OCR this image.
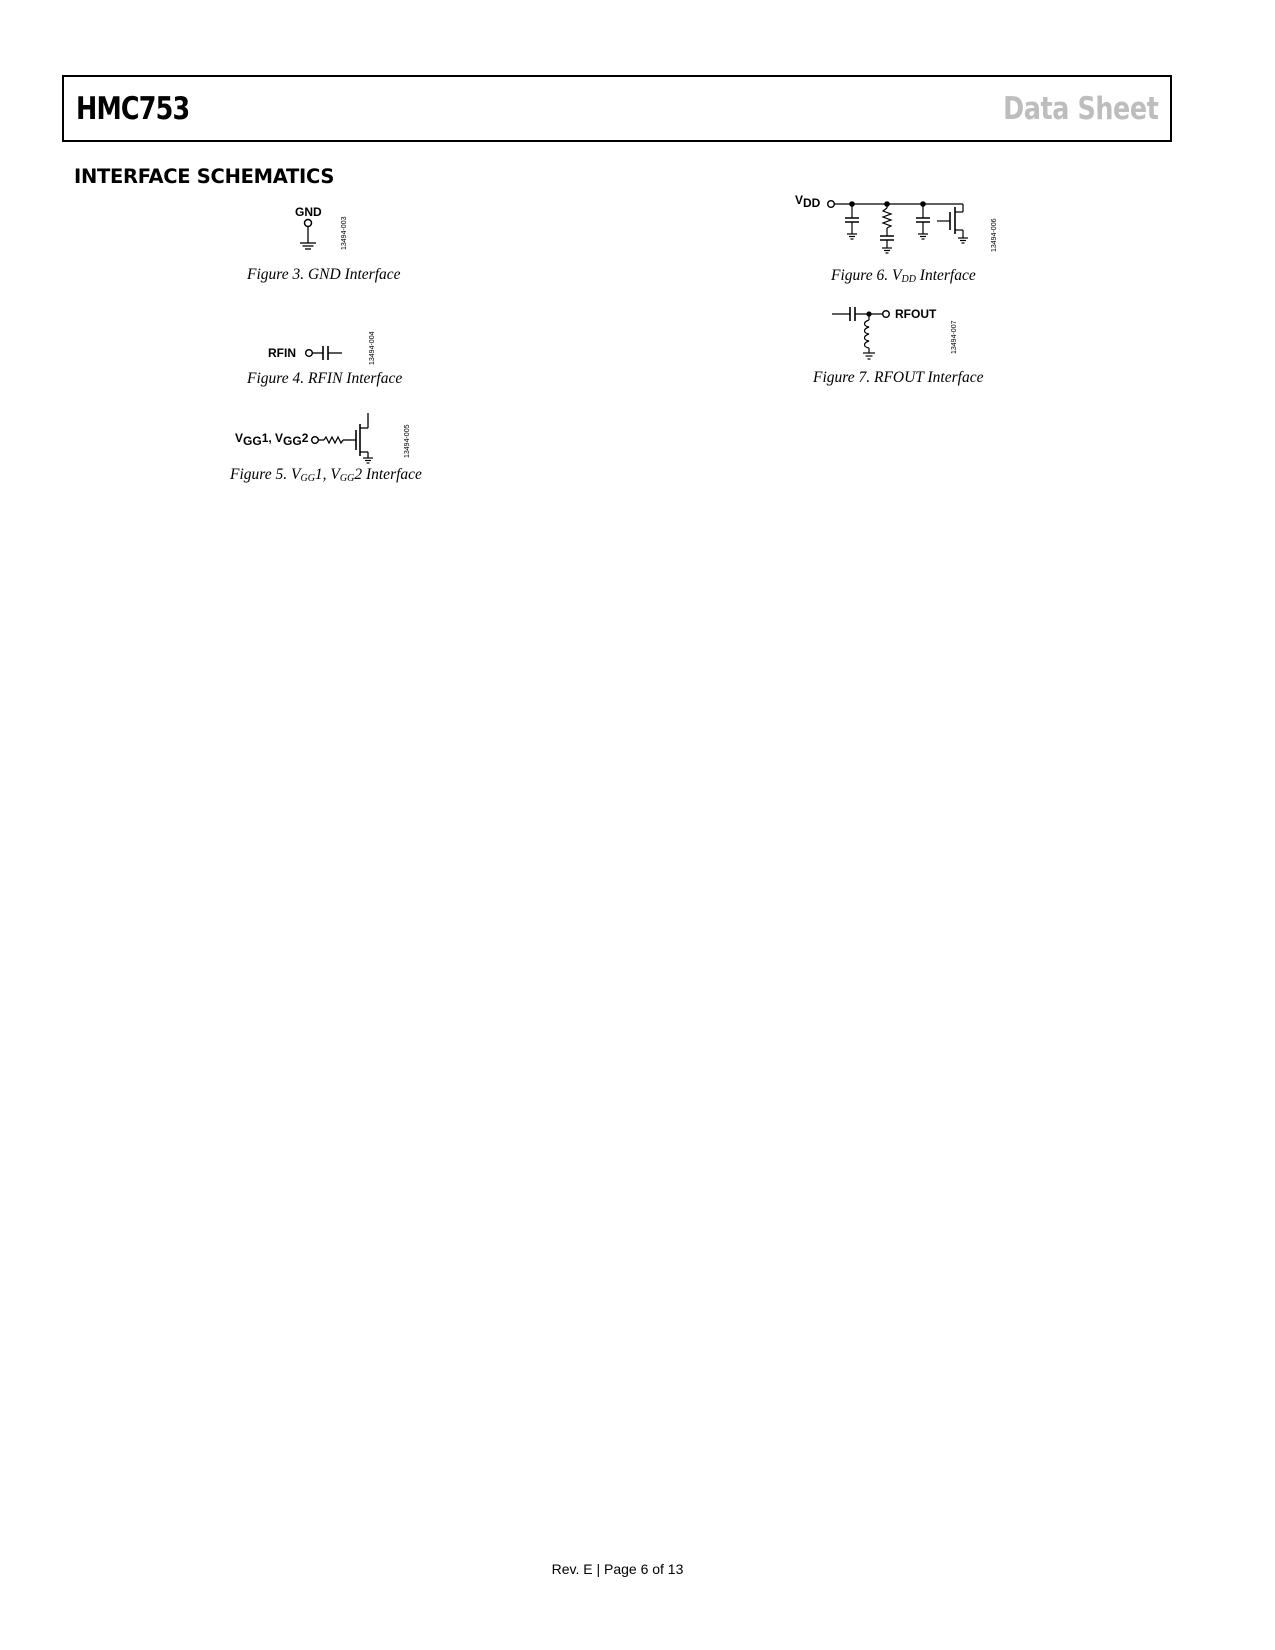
HMC753	Data Sheet
INTERFACE SCHEMATICS
GND
13494-003
Figure 3. GND Interface
RFIN	13494-004
Figure 4. RFIN Interface
VGG1, VGG2	13494-005
Figure 5. $V_{GG}1$, $V_{GG}2$ Interface
VDD
13494-006
Figure 6. $V_{DD}$ Interface
RFOUT
13494-007
Figure 7. RFOUT Interface
Rev. E | Page 6 of 13
